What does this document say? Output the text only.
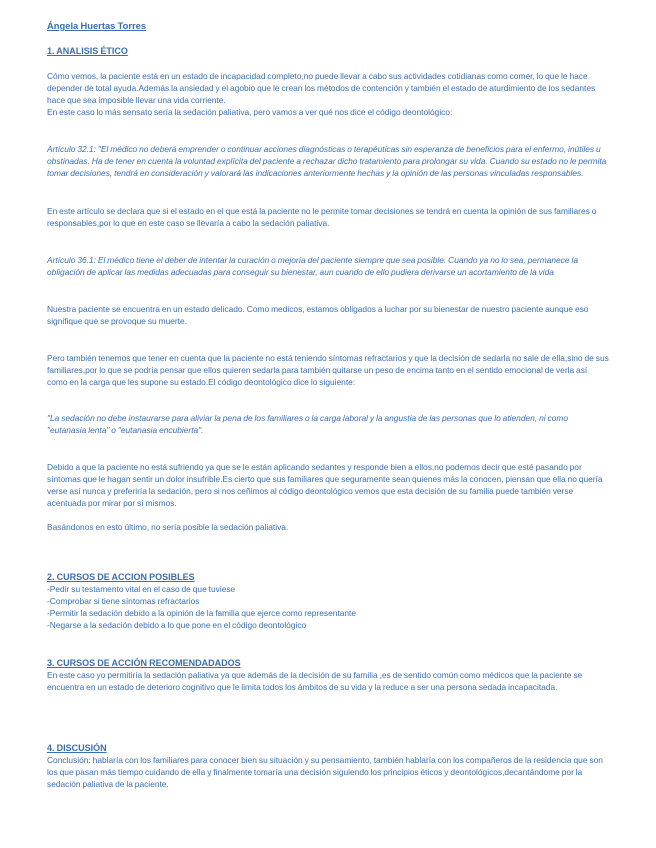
Ángela Huertas Torres

1. ANALISIS ÉTICO

Cómo vemos, la paciente está en un estado de incapacidad completo,no puede llevar a cabo sus actividades cotidianas como comer, lo que le hace depender de total ayuda.Además la ansiedad y el agobio que le crean los métodos de contención y también el estado de aturdimiento de los sedantes hace que sea imposible llevar una vida corriente.

En este caso lo más sensato sería la sedación paliativa, pero vamos a ver qué nos dice el código deontológico:

Artículo 32.1: "El médico no deberá emprender o continuar acciones diagnósticas o terapéuticas sin esperanza de beneficios para el enfermo, inútiles u obstinadas. Ha de tener en cuenta la voluntad explícita del paciente a rechazar dicho tratamiento para prolongar su vida. Cuando su estado no le permita tomar decisiones, tendrá en consideración y valorará las indicaciones anteriormente hechas y la opinión de las personas vinculadas responsables.

En este artículo se declara que si el estado en el que está la paciente no le permite tomar decisiones se tendrá en cuenta la opinión de sus familiares o responsables,por lo que en este caso se llevaría a cabo la sedación paliativa.

Artículo 36.1: El médico tiene el deber de intentar la curación o mejoría del paciente siempre que sea posible. Cuando ya no lo sea, permanece la obligación de aplicar las medidas adecuadas para conseguir su bienestar, aun cuando de ello pudiera derivarse un acortamiento de la vida

Nuestra paciente se encuentra en un estado delicado. Como medicos, estamos obligados a luchar por su bienestar de nuestro paciente aunque eso signifique que se provoque su muerte.

Pero también tenemos que tener en cuenta que la paciente no está teniendo síntomas refractarios y que la decisión de sedarla no sale de ella,sino de sus familiares,por lo que se podría pensar que ellos quieren sedarla para también quitarse un peso de encima tanto en el sentido emocional de verla así como en la carga que les supone su estado.El código deontológico dice lo siguiente:

"La sedación no debe instaurarse para aliviar la pena de los familiares o la carga laboral y la angustia de las personas que lo atienden, ni como "eutanasia lenta" o "eutanasia encubierta".

Debido a que la paciente no está sufriendo ya que se le están aplicando sedantes y responde bien a ellos,no podemos decir que esté pasando por síntomas que le hagan sentir un dolor insufrible.Es cierto que sus familiares que seguramente sean quienes más la conocen, piensan que ella no quería verse así nunca y preferiría la sedación, pero si nos ceñimos al código deontológico vemos que esta decisión de su familia puede también verse acentuada por mirar por sí mismos.

Basándonos en esto último, no sería posible la sedación paliativa.

2. CURSOS DE ACCION POSIBLES

-Pedir su testamento vital en el caso de que tuviese
-Comprobar si tiene síntomas refractarios
-Permitir la sedación debido a la opinión de la familia que ejerce como representante
-Negarse a la sedación debido a lo que pone en el código deontológico

3. CURSOS DE ACCIÓN RECOMENDADADOS

En este caso yo permitiría la sedación paliativa ya que además de la decisión de su familia ,es de sentido común como médicos que la paciente se encuentra en un estado de deterioro cognitivo que le limita todos los ámbitos de su vida y la reduce a ser una persona sedada incapacitada.

4. DISCUSIÓN

Conclusión: hablaría con los familiares para conocer bien su situación y su pensamiento, también hablaría con los compañeros de la residencia que son los que pasan más tiempo cuidando de ella y finalmente tomaría una decisión siguiendo los principios éticos y deontológicos,decantándome por la sedación paliativa de la paciente.
